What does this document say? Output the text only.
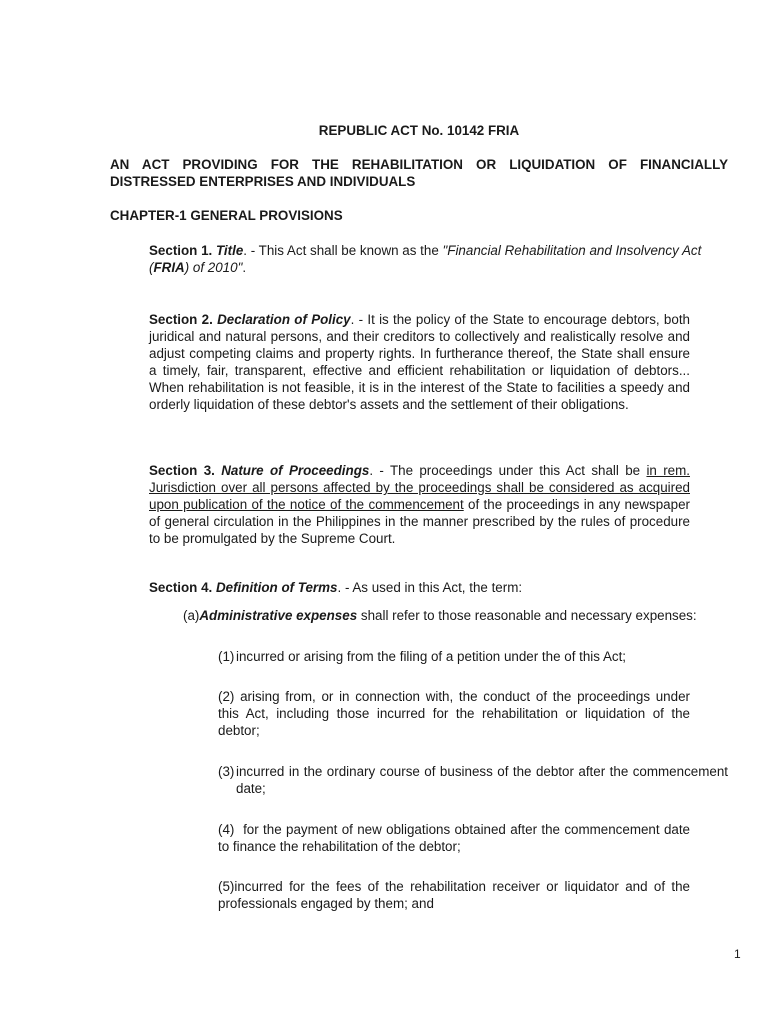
REPUBLIC ACT No. 10142 FRIA
AN ACT PROVIDING FOR THE REHABILITATION OR LIQUIDATION OF FINANCIALLY DISTRESSED ENTERPRISES AND INDIVIDUALS
CHAPTER-1 GENERAL PROVISIONS

Section 1. Title. - This Act shall be known as the "Financial Rehabilitation and Insolvency Act (FRIA) of 2010".

Section 2. Declaration of Policy. - It is the policy of the State to encourage debtors, both juridical and natural persons, and their creditors to collectively and realistically resolve and adjust competing claims and property rights. In furtherance thereof, the State shall ensure a timely, fair, transparent, effective and efficient rehabilitation or liquidation of debtors... When rehabilitation is not feasible, it is in the interest of the State to facilities a speedy and orderly liquidation of these debtor's assets and the settlement of their obligations.

Section 3. Nature of Proceedings. - The proceedings under this Act shall be in rem. Jurisdiction over all persons affected by the proceedings shall be considered as acquired upon publication of the notice of the commencement of the proceedings in any newspaper of general circulation in the Philippines in the manner prescribed by the rules of procedure to be promulgated by the Supreme Court.

Section 4. Definition of Terms. - As used in this Act, the term:

(a)Administrative expenses shall refer to those reasonable and necessary expenses:

(1) incurred or arising from the filing of a petition under the of this Act;

(2) arising from, or in connection with, the conduct of the proceedings under this Act, including those incurred for the rehabilitation or liquidation of the debtor;

(3) incurred in the ordinary course of business of the debtor after the commencement date;

(4)  for the payment of new obligations obtained after the commencement date to finance the rehabilitation of the debtor;

(5)incurred for the fees of the rehabilitation receiver or liquidator and of the professionals engaged by them; and

1
